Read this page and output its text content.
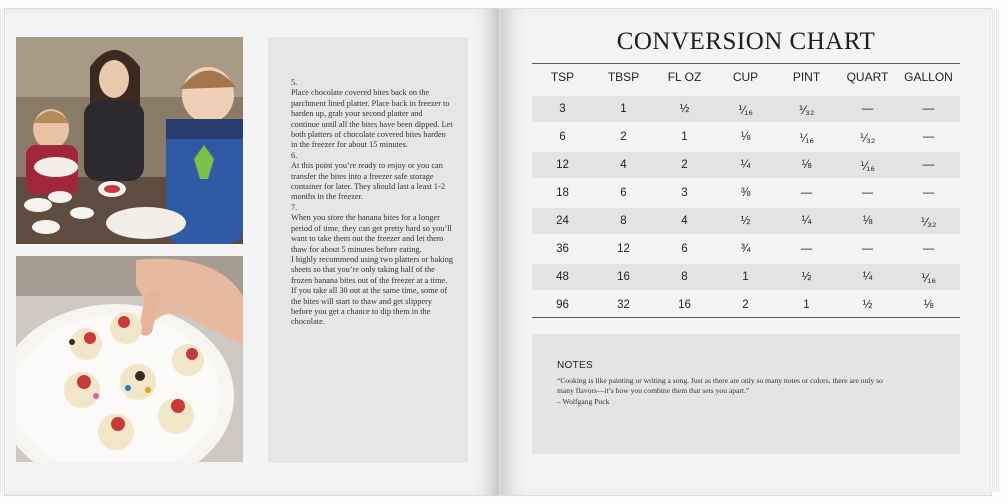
5.

Place chocolate covered bites back on the parchment lined platter. Place back in freezer to harden up, grab your second platter and continue until all the bites have been dipped. Let both platters of chocolate covered bites harden in the freezer for about 15 minutes.

6.

At this point you’re ready to enjoy or you can transfer the bites into a freezer safe storage container for later. They should last a least 1-2 months in the freezer.

7.

When you store the banana bites for a longer period of time, they can get pretty hard so you’ll want to take them out the freezer and let them thaw for about 5 minutes before eating.

I highly recommend using two platters or baking sheets so that you’re only taking half of the frozen banana bites out of the freezer at a time.

If you take all 30 out at the same time, some of the bites will start to thaw and get slippery before you get a chance to dip them in the chocolate.

CONVERSION CHART
TSP	TBSP	FL OZ	CUP	PINT	QUART	GALLON
3	1	½	⅟₁₆	⅟₃₂	—	—
6	2	1	⅛	⅟₁₆	⅟₃₂	—
12	4	2	¼	⅛	⅟₁₆	—
18	6	3	⅜	—	—	—
24	8	4	½	¼	⅛	⅟₃₂
36	12	6	¾	—	—	—
48	16	8	1	½	¼	⅟₁₆
96	32	16	2	1	½	⅛
NOTES
“Cooking is like painting or writing a song. Just as there are only so many notes or colors, there are only so many flavors—it’s how you combine them that sets you apart.”
– Wolfgang Puck
